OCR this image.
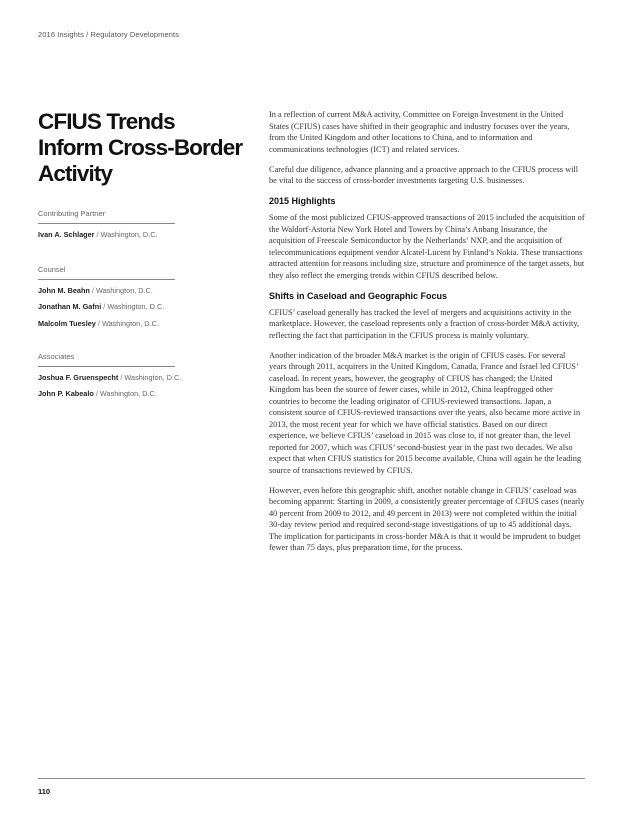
2016 Insights / Regulatory Developments
CFIUS Trends
Inform Cross-Border
Activity
Contributing Partner
Ivan A. Schlager / Washington, D.C.
Counsel
John M. Beahn / Washington, D.C.
Jonathan M. Gafni / Washington, D.C.
Malcolm Tuesley / Washington, D.C.
Associates
Joshua F. Gruenspecht / Washington, D.C.
John P. Kabealo / Washington, D.C.

In a reflection of current M&A activity, Committee on Foreign Investment in the United States (CFIUS) cases have shifted in their geographic and industry focuses over the years, from the United Kingdom and other locations to China, and to information and communications technologies (ICT) and related services.

Careful due diligence, advance planning and a proactive approach to the CFIUS process will be vital to the success of cross-border investments targeting U.S. businesses.

2015 Highlights

Some of the most publicized CFIUS-approved transactions of 2015 included the acquisition of the Waldorf-Astoria New York Hotel and Towers by China’s Anbang Insurance, the acquisition of Freescale Semiconductor by the Netherlands’ NXP, and the acquisition of telecommunications equipment vendor Alcatel-Lucent by Finland’s Nokia. These transactions attracted attention for reasons including size, structure and prominence of the target assets, but they also reflect the emerging trends within CFIUS described below.

Shifts in Caseload and Geographic Focus

CFIUS’ caseload generally has tracked the level of mergers and acquisitions activity in the marketplace. However, the caseload represents only a fraction of cross-border M&A activity, reflecting the fact that participation in the CFIUS process is mainly voluntary.

Another indication of the broader M&A market is the origin of CFIUS cases. For several years through 2011, acquirers in the United Kingdom, Canada, France and Israel led CFIUS’ caseload. In recent years, however, the geography of CFIUS has changed; the United Kingdom has been the source of fewer cases, while in 2012, China leapfrogged other countries to become the leading originator of CFIUS-reviewed transactions. Japan, a consistent source of CFIUS-reviewed transactions over the years, also became more active in 2013, the most recent year for which we have official statistics. Based on our direct experience, we believe CFIUS’ caseload in 2015 was close to, if not greater than, the level reported for 2007, which was CFIUS’ second-busiest year in the past two decades. We also expect that when CFIUS statistics for 2015 become available, China will again be the leading source of transactions reviewed by CFIUS.

However, even before this geographic shift, another notable change in CFIUS’ caseload was becoming apparent: Starting in 2009, a consistently greater percentage of CFIUS cases (nearly 40 percent from 2009 to 2012, and 49 percent in 2013) were not completed within the initial 30-day review period and required second-stage investigations of up to 45 additional days. The implication for participants in cross-border M&A is that it would be imprudent to budget fewer than 75 days, plus preparation time, for the process.

110
